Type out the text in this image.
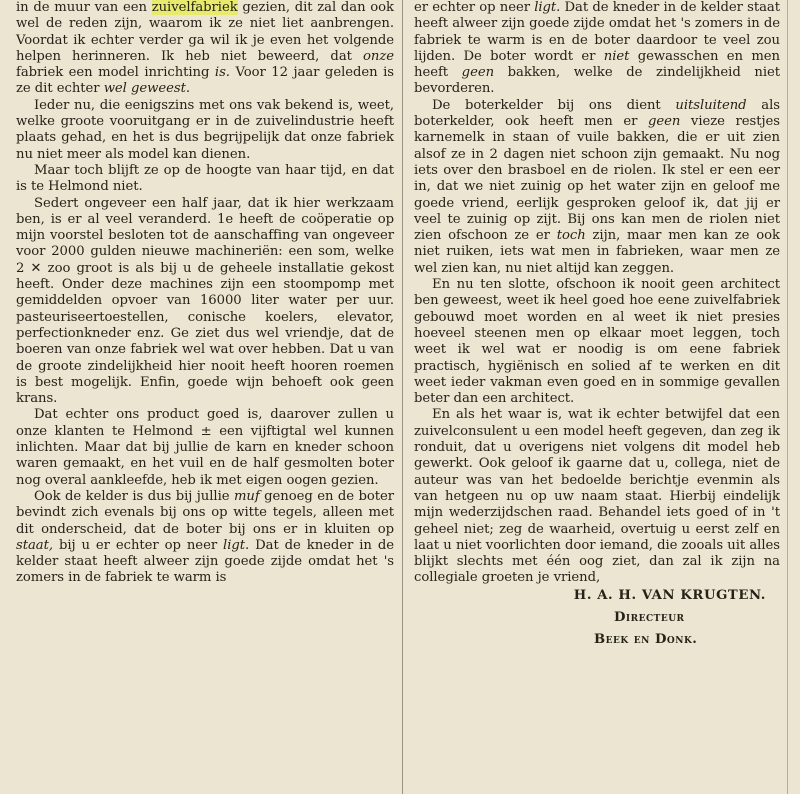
in de muur van een zuivelfabriek gezien, dit zal dan ook wel de reden zijn, waarom ik ze niet liet aanbrengen. Voordat ik echter verder ga wil ik je even het volgende helpen herinneren. Ik heb niet beweerd, dat onze fabriek een model inrichting is. Voor 12 jaar geleden is ze dit echter wel geweest.

Ieder nu, die eenigszins met ons vak bekend is, weet, welke groote vooruitgang er in de zuivelindustrie heeft plaats gehad, en het is dus begrijpelijk dat onze fabriek nu niet meer als model kan dienen.

Maar toch blijft ze op de hoogte van haar tijd, en dat is te Helmond niet.

Sedert ongeveer een half jaar, dat ik hier werkzaam ben, is er al veel veranderd. 1e heeft de coöperatie op mijn voorstel besloten tot de aanschaffing van ongeveer voor 2000 gulden nieuwe machineriën: een som, welke 2 ✕ zoo groot is als bij u de geheele installatie gekost heeft. Onder deze machines zijn een stoompomp met gemiddelden opvoer van 16000 liter water per uur. pasteuriseertoestellen, conische koelers, elevator, perfectionkneder enz. Ge ziet dus wel vriendje, dat de boeren van onze fabriek wel wat over hebben. Dat u van de groote zindelijkheid hier nooit heeft hooren roemen is best mogelijk. Enfin, goede wijn behoeft ook geen krans.

Dat echter ons product goed is, daarover zullen u onze klanten te Helmond ± een vijftigtal wel kunnen inlichten. Maar dat bij jullie de karn en kneder schoon waren gemaakt, en het vuil en de half gesmolten boter nog overal aankleefde, heb ik met eigen oogen gezien.

Ook de kelder is dus bij jullie muf genoeg en de boter bevindt zich evenals bij ons op witte tegels, alleen met dit onderscheid, dat de boter bij ons er in kluiten op staat, bij u er echter op neer ligt. Dat de kneder in de kelder staat heeft alweer zijn goede zijde omdat het 's zomers in de fabriek te warm is

er echter op neer ligt. Dat de kneder in de kelder staat heeft alweer zijn goede zijde omdat het 's zomers in de fabriek te warm is en de boter daardoor te veel zou lijden. De boter wordt er niet gewasschen en men heeft geen bakken, welke de zindelijkheid niet bevorderen.

De boterkelder bij ons dient uitsluitend als boterkelder, ook heeft men er geen vieze restjes karnemelk in staan of vuile bakken, die er uit zien alsof ze in 2 dagen niet schoon zijn gemaakt. Nu nog iets over den brasboel en de riolen. Ik stel er een eer in, dat we niet zuinig op het water zijn en geloof me goede vriend, eerlijk gesproken geloof ik, dat jij er veel te zuinig op zijt. Bij ons kan men de riolen niet zien ofschoon ze er toch zijn, maar men kan ze ook niet ruiken, iets wat men in fabrieken, waar men ze wel zien kan, nu niet altijd kan zeggen.

En nu ten slotte, ofschoon ik nooit geen architect ben geweest, weet ik heel goed hoe eene zuivelfabriek gebouwd moet worden en al weet ik niet presies hoeveel steenen men op elkaar moet leggen, toch weet ik wel wat er noodig is om eene fabriek practisch, hygiënisch en solied af te werken en dit weet ieder vakman even goed en in sommige gevallen beter dan een architect.

En als het waar is, wat ik echter betwijfel dat een zuivelconsulent u een model heeft gegeven, dan zeg ik ronduit, dat u overigens niet volgens dit model heb gewerkt. Ook geloof ik gaarne dat u, collega, niet de auteur was van het bedoelde berichtje evenmin als van hetgeen nu op uw naam staat. Hierbij eindelijk mijn wederzijdschen raad. Behandel iets goed of in 't geheel niet; zeg de waarheid, overtuig u eerst zelf en laat u niet voorlichten door iemand, die zooals uit alles blijkt slechts met één oog ziet, dan zal ik zijn na collegiale groeten je vriend,

H. A. H. VAN KRUGTEN.

Directeur

Beek en Donk.
